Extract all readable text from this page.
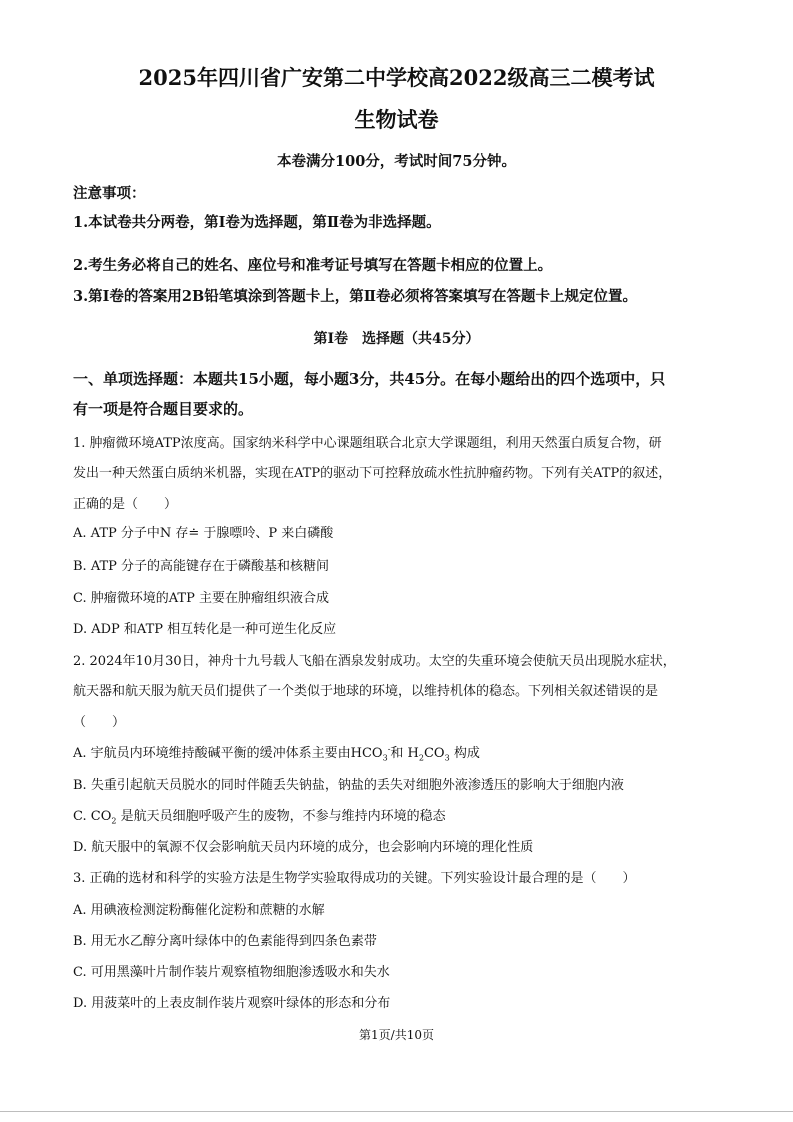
2025年四川省广安第二中学校高2022级高三二模考试
生物试卷
本卷满分100分，考试时间75分钟。
注意事项：
1.本试卷共分两卷，第Ⅰ卷为选择题，第Ⅱ卷为非选择题。
2.考生务必将自己的姓名、座位号和准考证号填写在答题卡相应的位置上。
3.第Ⅰ卷的答案用2B铅笔填涂到答题卡上，第Ⅱ卷必须将答案填写在答题卡上规定位置。
第Ⅰ卷　选择题（共45分）
一、单项选择题：本题共15小题，每小题3分，共45分。在每小题给出的四个选项中，只
有一项是符合题目要求的。
1. 肿瘤微环境ATP浓度高。国家纳米科学中心课题组联合北京大学课题组，利用天然蛋白质复合物，研
发出一种天然蛋白质纳米机器，实现在ATP的驱动下可控释放疏水性抗肿瘤药物。下列有关ATP的叙述，
正确的是（　　）
A. ATP 分子中N 存≐ 于腺嘌呤、P 来白磷酸
B. ATP 分子的高能键存在于磷酸基和核糖间
C. 肿瘤微环境的ATP 主要在肿瘤组织液合成
D. ADP 和ATP 相互转化是一种可逆生化反应
2. 2024年10月30日，神舟十九号载人飞船在酒泉发射成功。太空的失重环境会使航天员出现脱水症状，
航天器和航天服为航天员们提供了一个类似于地球的环境，以维持机体的稳态。下列相关叙述错误的是
（　　）
A. 宇航员内环境维持酸碱平衡的缓冲体系主要由$HCO_3^-$和 $H_2CO_3$ 构成
B. 失重引起航天员脱水的同时伴随丢失钠盐，钠盐的丢失对细胞外液渗透压的影响大于细胞内液
C. $CO_2$ 是航天员细胞呼吸产生的废物，不参与维持内环境的稳态
D. 航天服中的氧源不仅会影响航天员内环境的成分，也会影响内环境的理化性质
3. 正确的选材和科学的实验方法是生物学实验取得成功的关键。下列实验设计最合理的是（　　）
A. 用碘液检测淀粉酶催化淀粉和蔗糖的水解
B. 用无水乙醇分离叶绿体中的色素能得到四条色素带
C. 可用黑藻叶片制作装片观察植物细胞渗透吸水和失水
D. 用菠菜叶的上表皮制作装片观察叶绿体的形态和分布
第1页/共10页
